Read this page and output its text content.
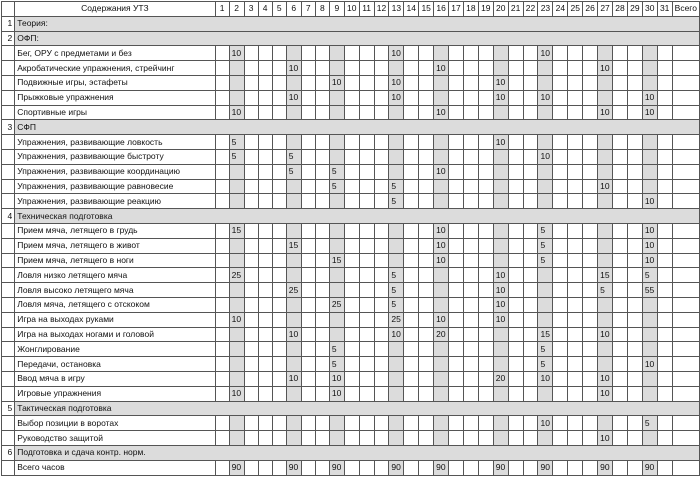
	Содержания УТЗ	1	2	3	4	5	6	7	8	9	10	11	12	13	14	15	16	17	18	19	20	21	22	23	24	25	26	27	28	29	30	31	Всего
1	Теория:																																
2	ОФП:																																
	Бег, ОРУ с предметами и без		10											10										10									
	Акробатические упражнения, стрейчинг						10										10											10					
	Подвижные игры, эстафеты									10				10							10												
	Прыжковые упражнения						10							10							10			10							10		
	Спортивные игры		10														10											10			10		
3	СФП																																
	Упражнения, развивающие ловкость		5																		10												
	Упражнения, развивающие быстроту		5				5																	10									
	Упражнения, развивающие координацию						5			5							10																
	Упражнения, развивающие равновесие									5				5														10					
	Упражнения, развивающие реакцию													5																	10		
4	Техническая подготовка																																
	Прием мяча, летящего в грудь		15														10							5							10		
	Прием мяча, летящего в живот						15										10							5							10		
	Прием мяча, летящего в ноги									15							10							5							10		
	Ловля низко летящего мяча		25											5							10							15			5		
	Ловля высоко летящего мяча						25							5							10							5			55		
	Ловля мяча, летящего с отскоком									25				5							10												
	Игра на выходах руками		10											25			10				10												
	Игра на выходах ногами и головой						10							10			20							15				10					
	Жонглирование									5														5									
	Передачи, остановка									5														5							10		
	Ввод мяча в игру						10			10											20			10				10					
	Игровые упражнения		10							10																		10					
5	Тактическая подготовка																																
	Выбор позиции в воротах																							10							5		
	Руководство защитой																											10					
6	Подготовка и сдача контр. норм.																																
	Всего часов		90				90			90				90			90				90			90				90			90		
